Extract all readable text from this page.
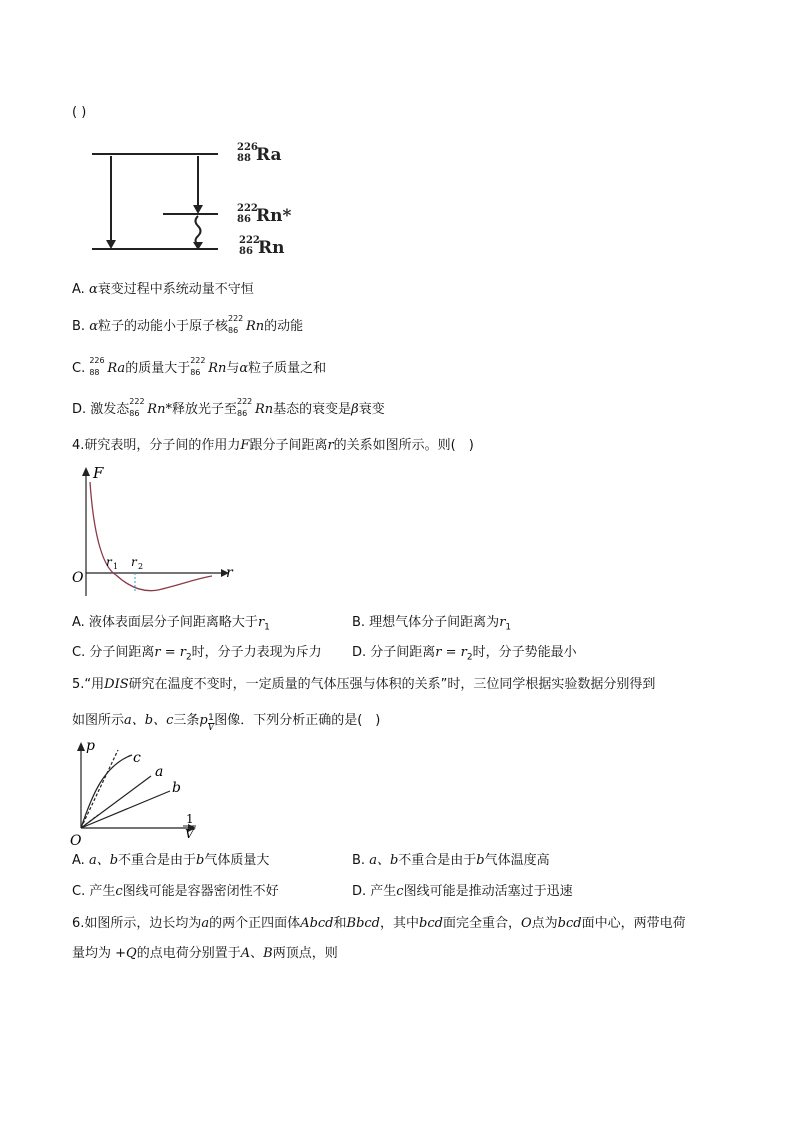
( )
226
88 Ra
222
86 Rn*
222
86 Rn
A. α衰变过程中系统动量不守恒
B. α粒子的动能小于原子核
222
86 Rn的动能
C.
226
88 Ra的质量大于
222
86 Rn与α粒子质量之和
D. 激发态
222
86 Rn*释放光子至
222
86 Rn基态的衰变是β衰变
4.研究表明，分子间的作用力F跟分子间距离r的关系如图所示。则(　)
F
r
O
r 1 r 2
A. 液体表面层分子间距离略大于$r_1$	B. 理想气体分子间距离为$r_1$
C. 分子间距离$r = r_2$时，分子力表现为斥力 D. 分子间距离$r = r_2$时，分子势能最小
5.“用DIS研究在温度不变时，一定质量的气体压强与体积的关系”时，三位同学根据实验数据分别得到
如图所示a、b、c三条p $\frac{1}{V}$ 图像．下列分析正确的是(　)
p
1
V
O
c
a
b
A. a、b不重合是由于b气体质量大	B. a、b不重合是由于b气体温度高
C. 产生c图线可能是容器密闭性不好	D. 产生c图线可能是推动活塞过于迅速
6.如图所示，边长均为a的两个正四面体Abcd和Bbcd，其中bcd面完全重合，O点为bcd面中心，两带电荷
量均为 +Q的点电荷分别置于A、B两顶点，则
